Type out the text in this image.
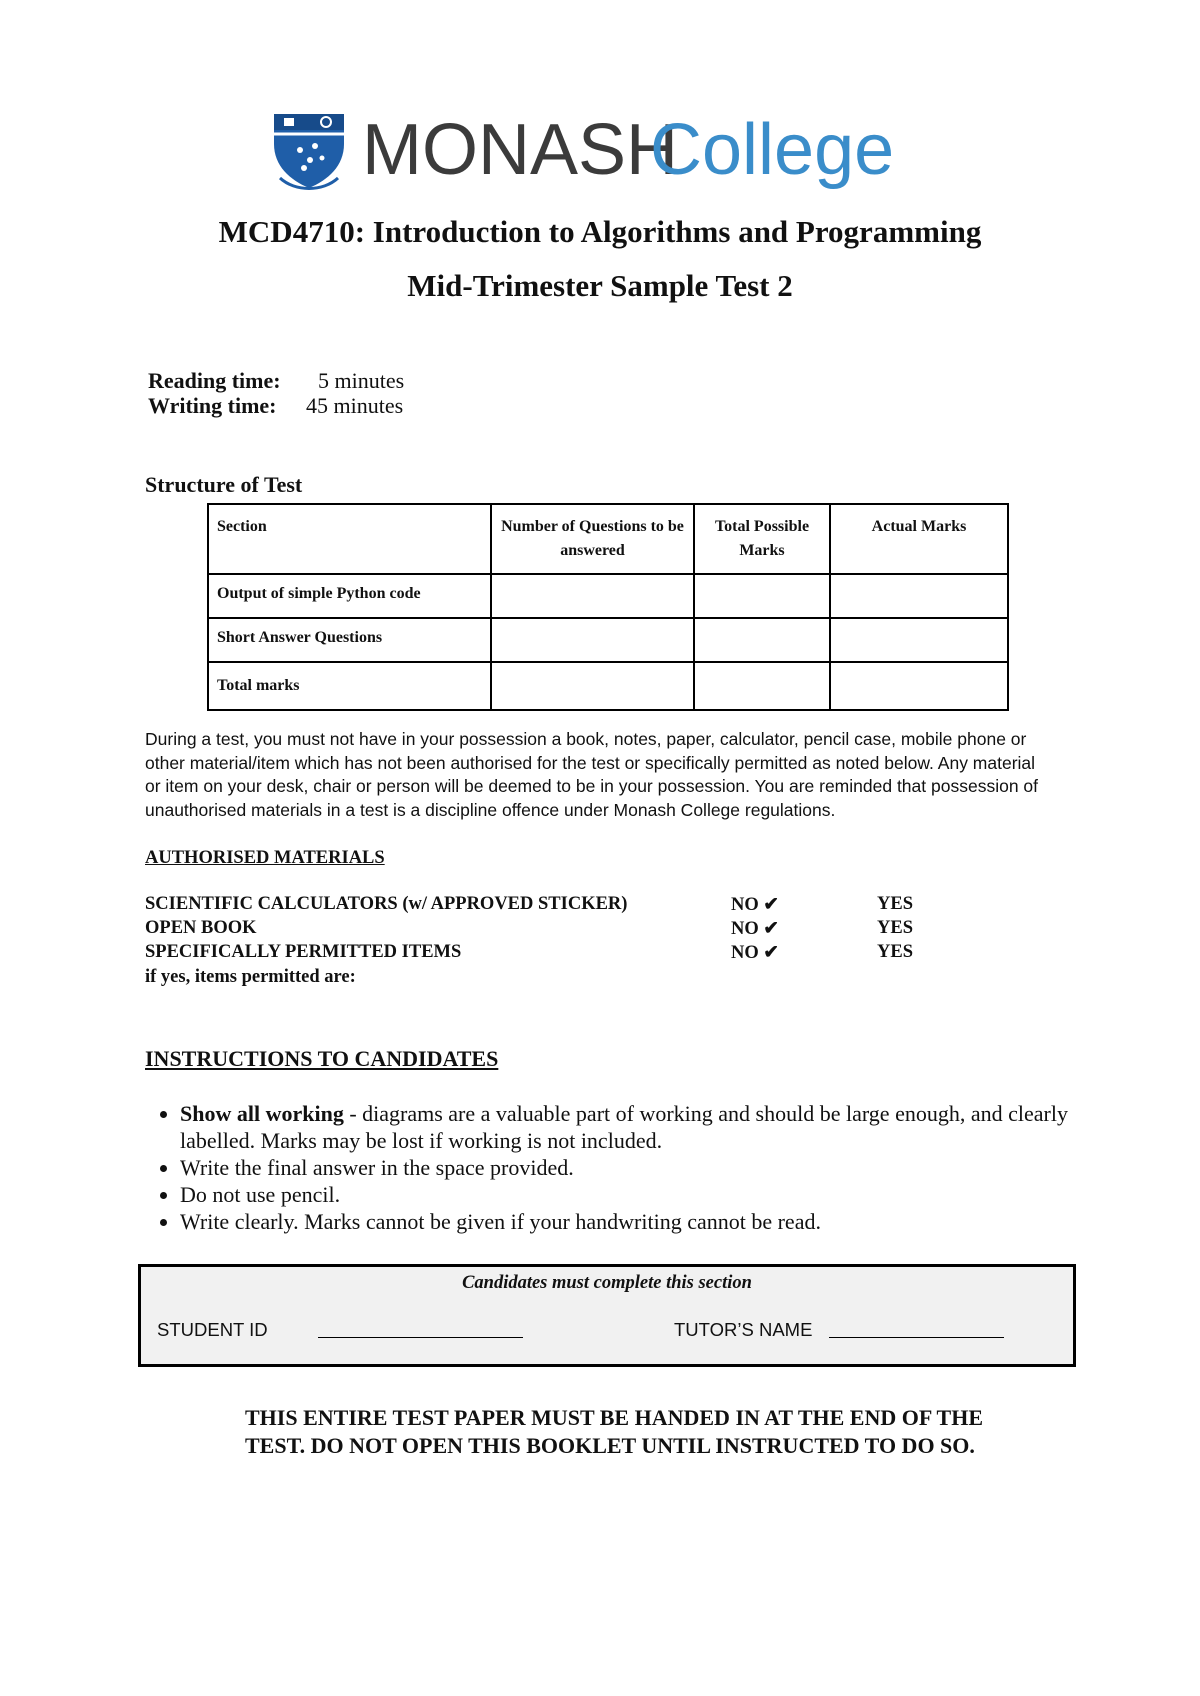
MONASH
College
MCD4710: Introduction to Algorithms and Programming
Mid-Trimester Sample Test 2
Reading time: 5 minutes
Writing time: 45 minutes
Structure of Test
Section	Number of Questions to be answered	Total Possible Marks	Actual Marks
Output of simple Python code			
Short Answer Questions			
Total marks			
During a test, you must not have in your possession a book, notes, paper, calculator, pencil case, mobile phone or other material/item which has not been authorised for the test or specifically permitted as noted below. Any material or item on your desk, chair or person will be deemed to be in your possession. You are reminded that possession of unauthorised materials in a test is a discipline offence under Monash College regulations.
AUTHORISED MATERIALS
SCIENTIFIC CALCULATORS (w/ APPROVED STICKER)	NO ✔	YES
OPEN BOOK	NO ✔	YES
SPECIFICALLY PERMITTED ITEMS	NO ✔	YES
if yes, items permitted are:
INSTRUCTIONS TO CANDIDATES
• Show all working - diagrams are a valuable part of working and should be large enough, and clearly labelled. Marks may be lost if working is not included.
• Write the final answer in the space provided.
• Do not use pencil.
• Write clearly. Marks cannot be given if your handwriting cannot be read.
Candidates must complete this section
STUDENT ID	TUTOR’S NAME
THIS ENTIRE TEST PAPER MUST BE HANDED IN AT THE END OF THE
TEST. DO NOT OPEN THIS BOOKLET UNTIL INSTRUCTED TO DO SO.
